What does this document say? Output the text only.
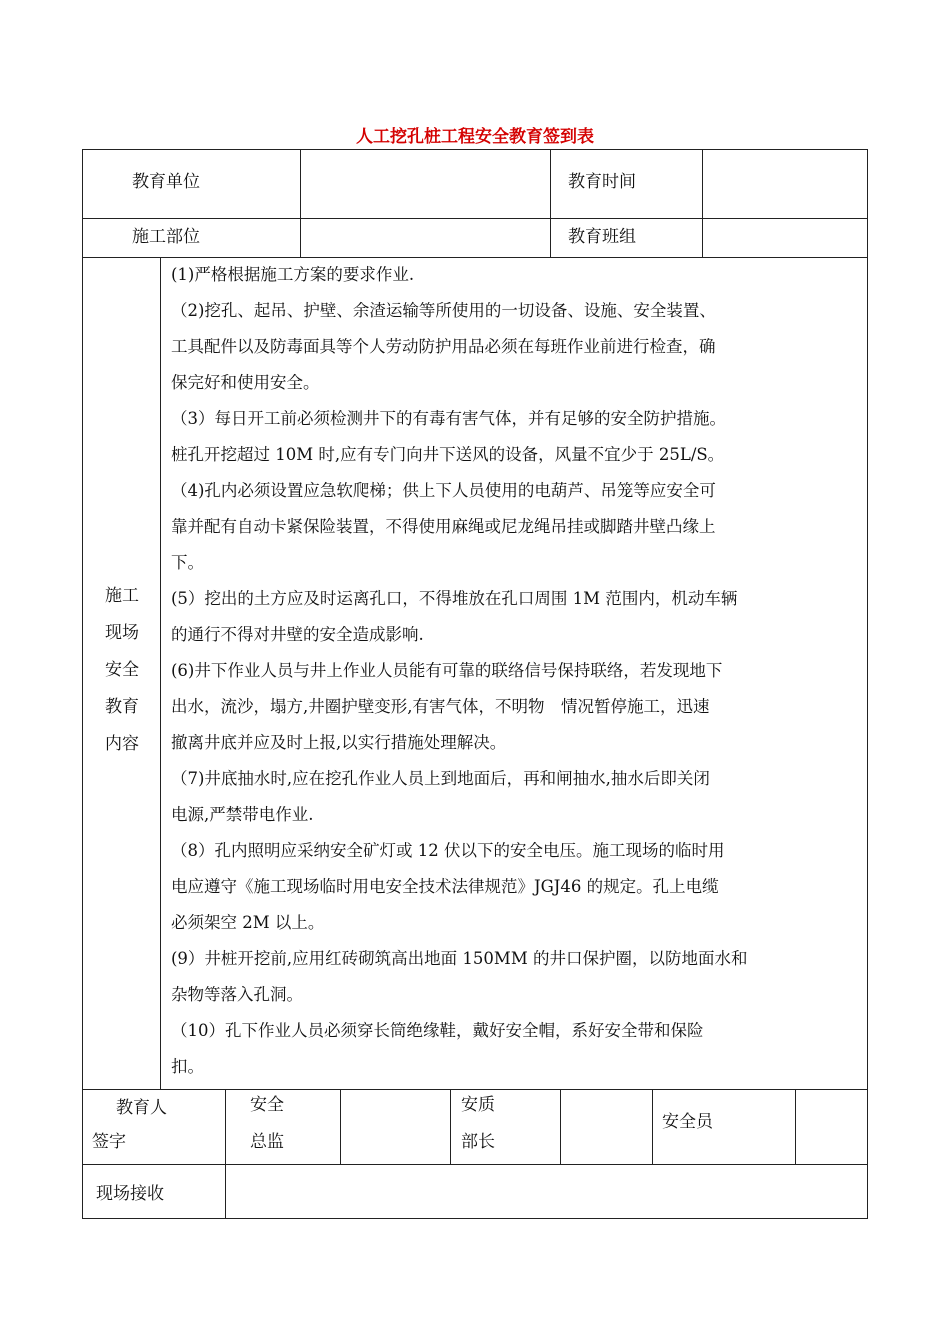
人工挖孔桩工程安全教育签到表
教育单位	教育时间
施工部位	教育班组
施工
现场
安全
教育
内容

(1)严格根据施工方案的要求作业.

（2)挖孔、起吊、护壁、余渣运输等所使用的一切设备、设施、安全装置、

工具配件以及防毒面具等个人劳动防护用品必须在每班作业前进行检查，确

保完好和使用安全。

（3）每日开工前必须检测井下的有毒有害气体，并有足够的安全防护措施。

桩孔开挖超过 10M 时,应有专门向井下送风的设备，风量不宜少于 25L/S。

（4)孔内必须设置应急软爬梯；供上下人员使用的电葫芦、吊笼等应安全可

靠并配有自动卡紧保险装置，不得使用麻绳或尼龙绳吊挂或脚踏井壁凸缘上

下。

(5）挖出的土方应及时运离孔口，不得堆放在孔口周围 1M 范围内，机动车辆

的通行不得对井壁的安全造成影响.

(6)井下作业人员与井上作业人员能有可靠的联络信号保持联络，若发现地下

出水，流沙，塌方,井圈护壁变形,有害气体，不明物　情况暂停施工，迅速

撤离井底并应及时上报,以实行措施处理解决。

（7)井底抽水时,应在挖孔作业人员上到地面后，再和闸抽水,抽水后即关闭

电源,严禁带电作业.

（8）孔内照明应采纳安全矿灯或 12 伏以下的安全电压。施工现场的临时用

电应遵守《施工现场临时用电安全技术法律规范》JGJ46 的规定。孔上电缆

必须架空 2M 以上。

(9）井桩开挖前,应用红砖砌筑高出地面 150MM 的井口保护圈，以防地面水和

杂物等落入孔洞。

（10）孔下作业人员必须穿长筒绝缘鞋，戴好安全帽，系好安全带和保险

扣。

教育人
签字
安全
总监
安质
部长
安全员
现场接收
